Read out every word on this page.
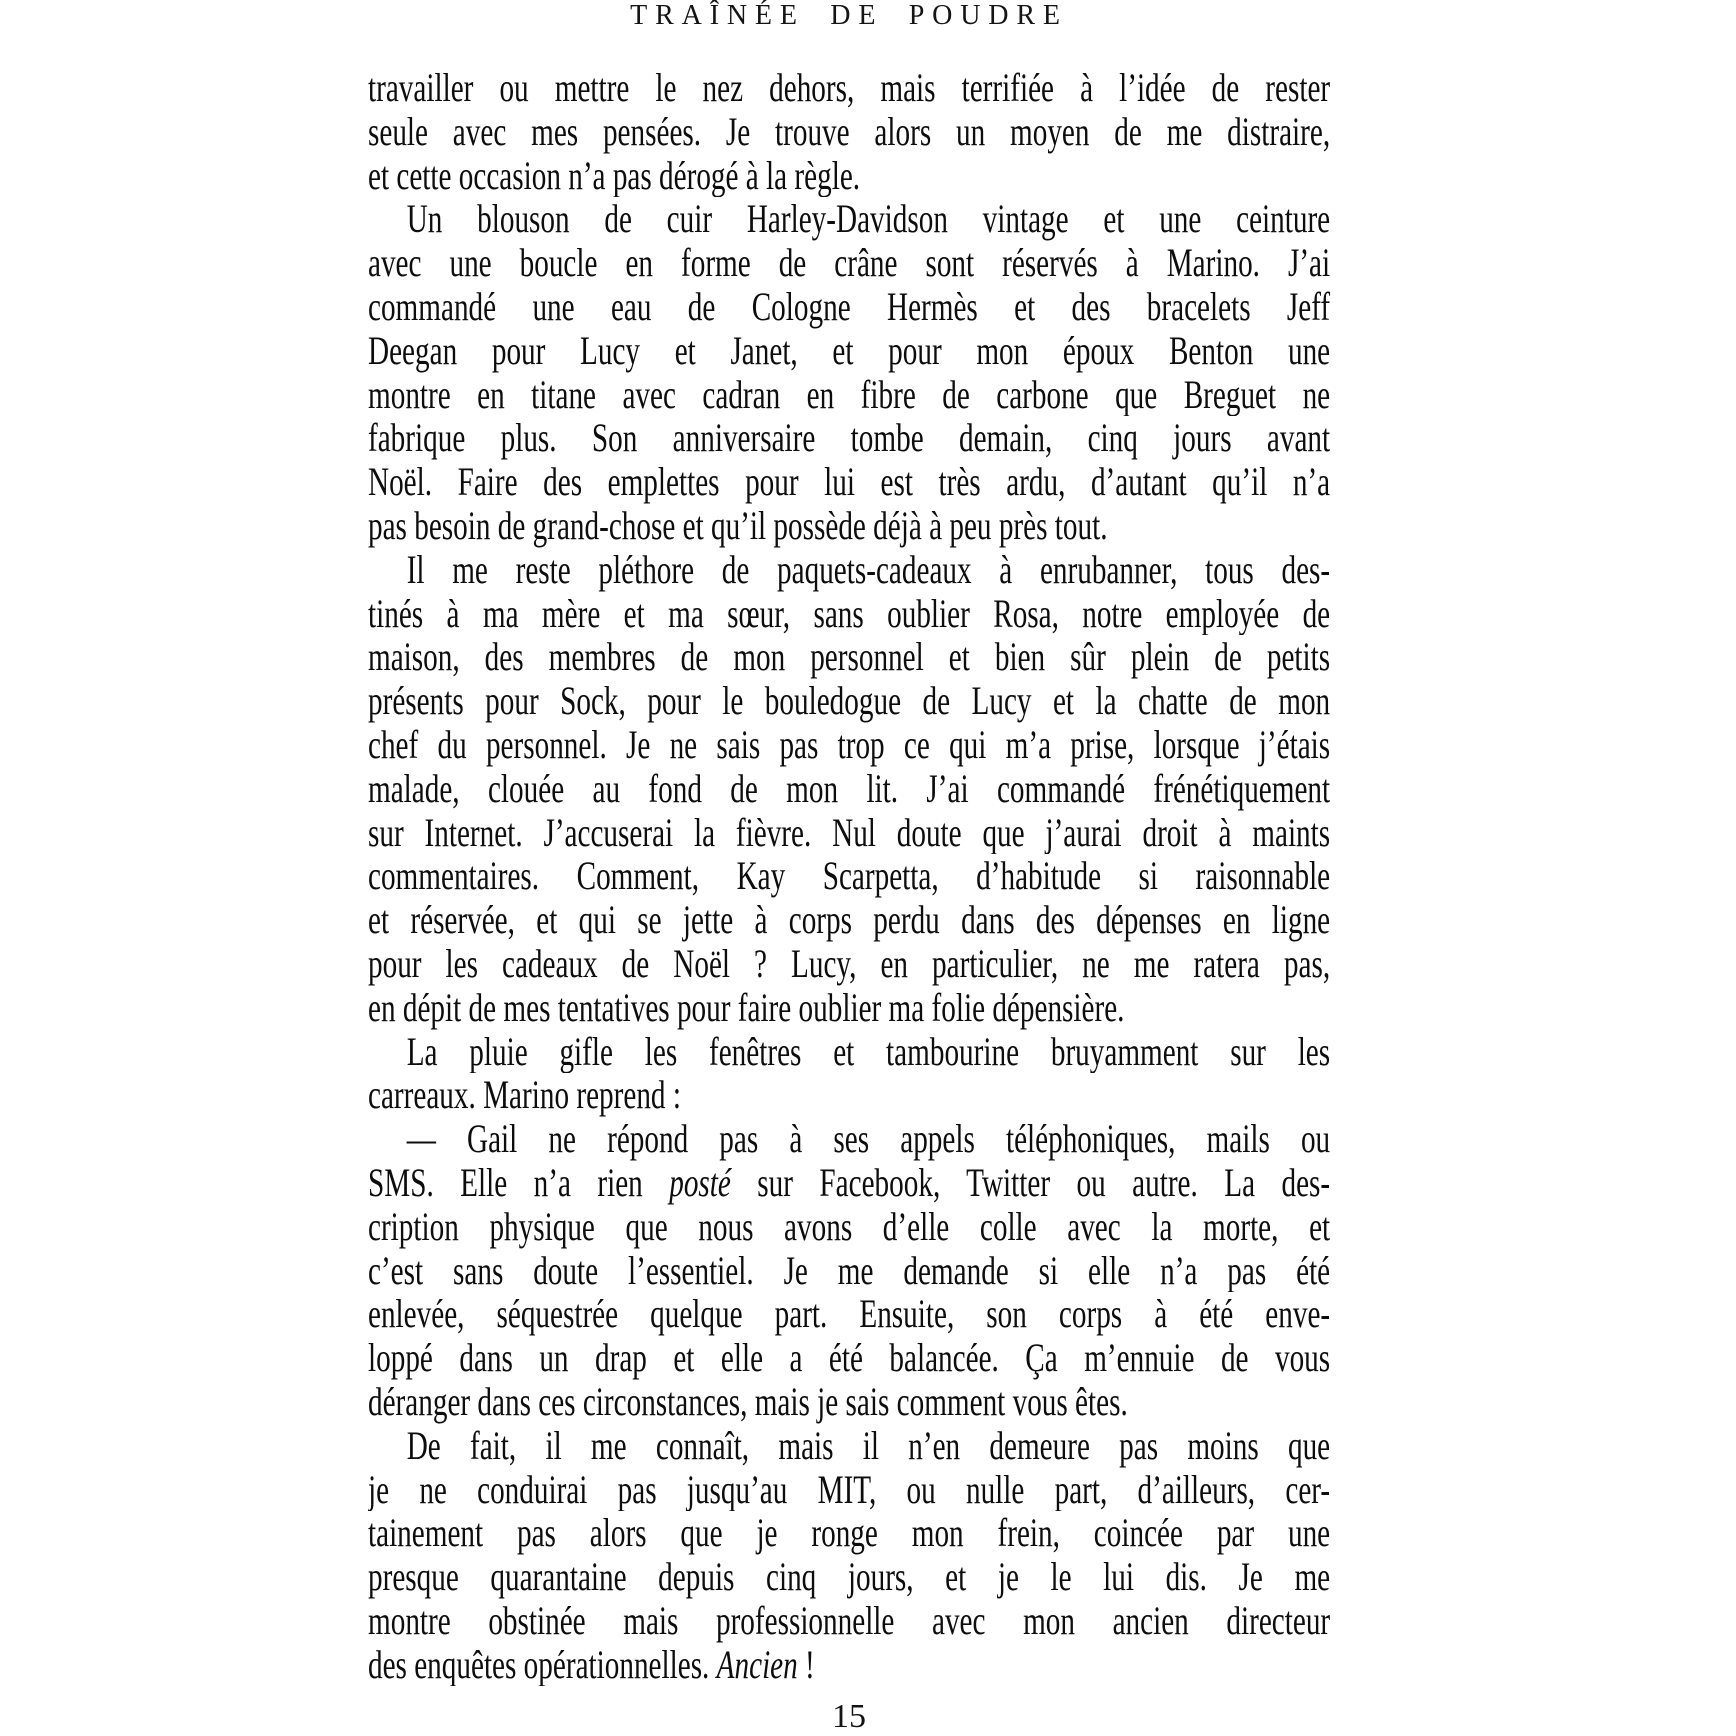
TRAÎNÉE DE POUDRE
travailler ou mettre le nez dehors, mais terrifiée à l’idée de rester
seule avec mes pensées. Je trouve alors un moyen de me distraire,
et cette occasion n’a pas dérogé à la règle.
Un blouson de cuir Harley-Davidson vintage et une ceinture
avec une boucle en forme de crâne sont réservés à Marino. J’ai
commandé une eau de Cologne Hermès et des bracelets Jeff
Deegan pour Lucy et Janet, et pour mon époux Benton une
montre en titane avec cadran en fibre de carbone que Breguet ne
fabrique plus. Son anniversaire tombe demain, cinq jours avant
Noël. Faire des emplettes pour lui est très ardu, d’autant qu’il n’a
pas besoin de grand-chose et qu’il possède déjà à peu près tout.
Il me reste pléthore de paquets-cadeaux à enrubanner, tous des-
tinés à ma mère et ma sœur, sans oublier Rosa, notre employée de
maison, des membres de mon personnel et bien sûr plein de petits
présents pour Sock, pour le bouledogue de Lucy et la chatte de mon
chef du personnel. Je ne sais pas trop ce qui m’a prise, lorsque j’étais
malade, clouée au fond de mon lit. J’ai commandé frénétiquement
sur Internet. J’accuserai la fièvre. Nul doute que j’aurai droit à maints
commentaires. Comment, Kay Scarpetta, d’habitude si raisonnable
et réservée, et qui se jette à corps perdu dans des dépenses en ligne
pour les cadeaux de Noël ? Lucy, en particulier, ne me ratera pas,
en dépit de mes tentatives pour faire oublier ma folie dépensière.
La pluie gifle les fenêtres et tambourine bruyamment sur les
carreaux. Marino reprend :
— Gail ne répond pas à ses appels téléphoniques, mails ou
SMS. Elle n’a rien posté sur Facebook, Twitter ou autre. La des-
cription physique que nous avons d’elle colle avec la morte, et
c’est sans doute l’essentiel. Je me demande si elle n’a pas été
enlevée, séquestrée quelque part. Ensuite, son corps à été enve-
loppé dans un drap et elle a été balancée. Ça m’ennuie de vous
déranger dans ces circonstances, mais je sais comment vous êtes.
De fait, il me connaît, mais il n’en demeure pas moins que
je ne conduirai pas jusqu’au MIT, ou nulle part, d’ailleurs, cer-
tainement pas alors que je ronge mon frein, coincée par une
presque quarantaine depuis cinq jours, et je le lui dis. Je me
montre obstinée mais professionnelle avec mon ancien directeur
des enquêtes opérationnelles. Ancien !
15
